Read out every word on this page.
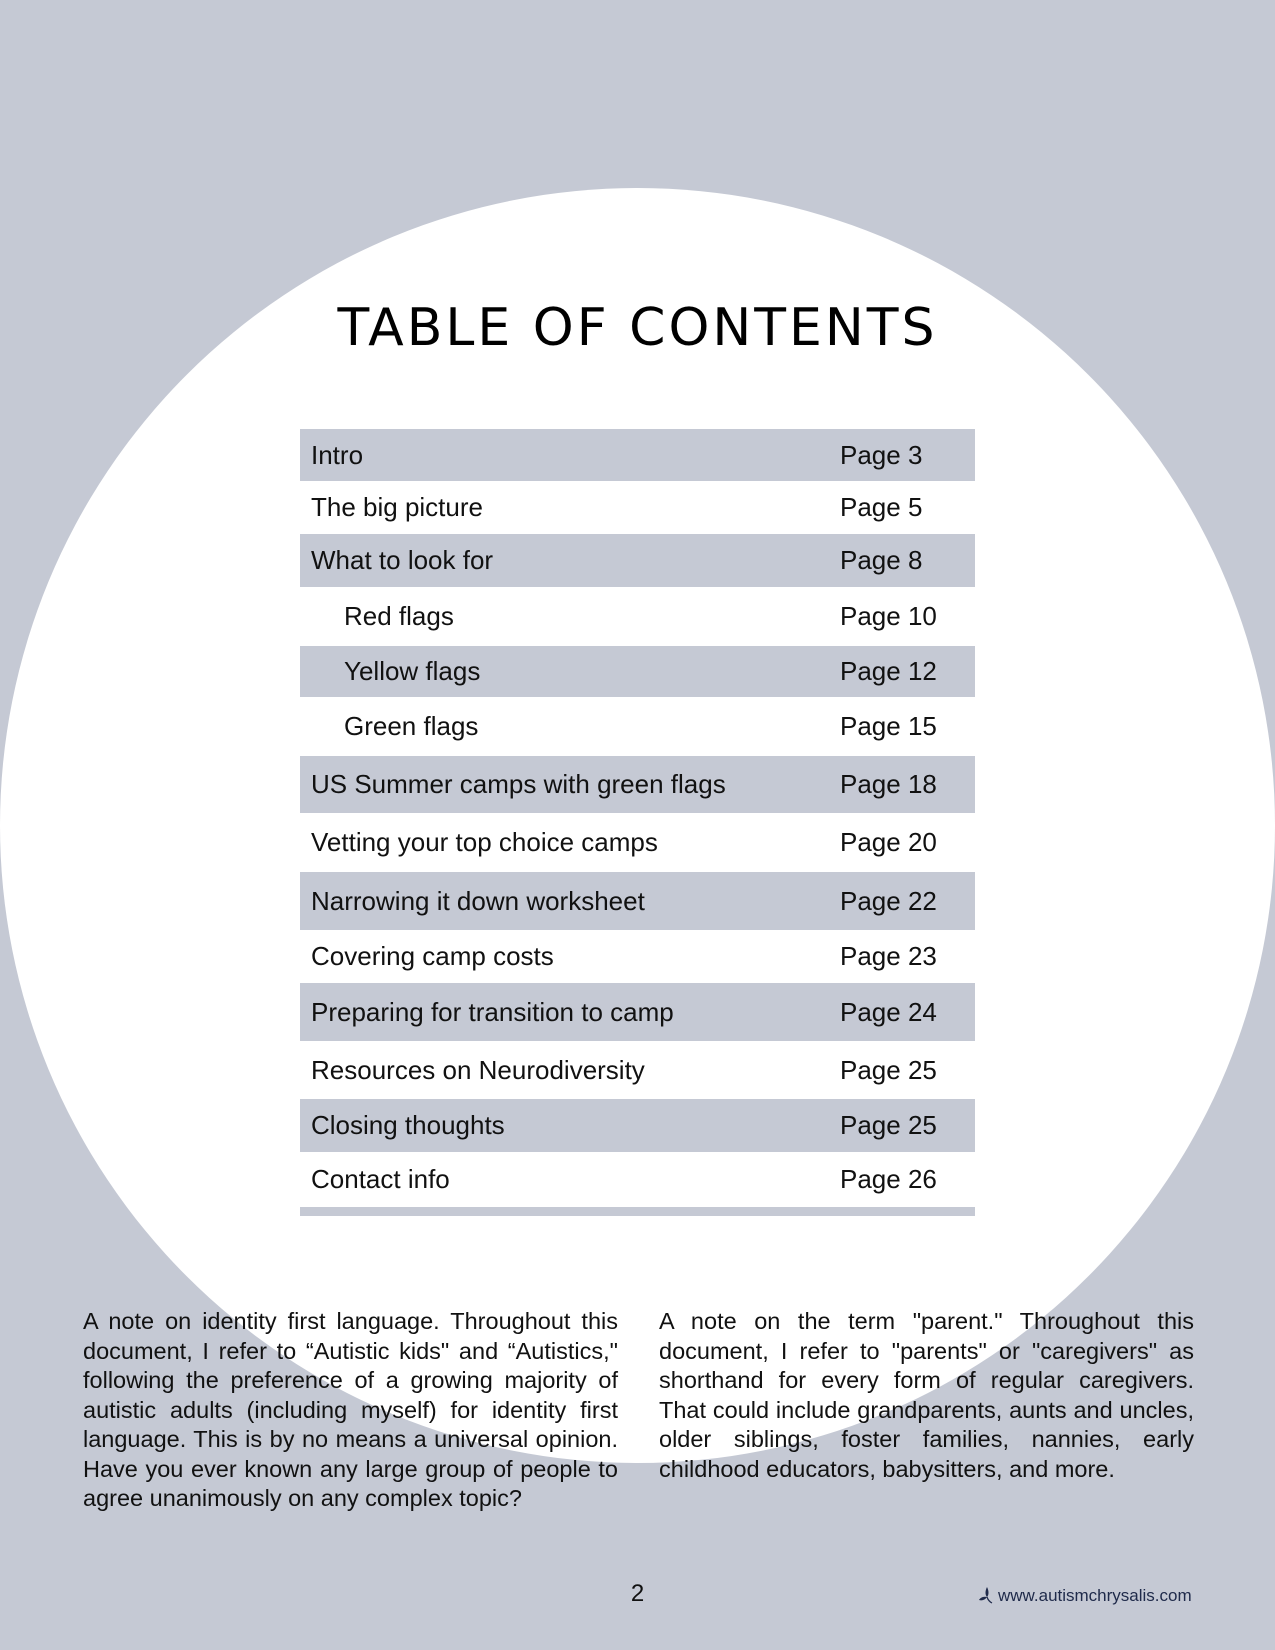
TABLE OF CONTENTS
Intro	Page 3
The big picture	Page 5
What to look for	Page 8
Red flags	Page 10
Yellow flags	Page 12
Green flags	Page 15
US Summer camps with green flags	Page 18
Vetting your top choice camps	Page 20
Narrowing it down worksheet	Page 22
Covering camp costs	Page 23
Preparing for transition to camp	Page 24
Resources on Neurodiversity	Page 25
Closing thoughts	Page 25
Contact info	Page 26

A note on identity first language. Throughout this document, I refer to “Autistic kids" and “Autistics," following the preference of a growing majority of autistic adults (including myself) for identity first language. This is by no means a universal opinion. Have you ever known any large group of people to agree unanimously on any complex topic?

A note on the term "parent." Throughout this document, I refer to "parents" or "caregivers" as shorthand for every form of regular caregivers. That could include grandparents, aunts and uncles, older siblings, foster families, nannies, early childhood educators, babysitters, and more.

2	www.autismchrysalis.com
